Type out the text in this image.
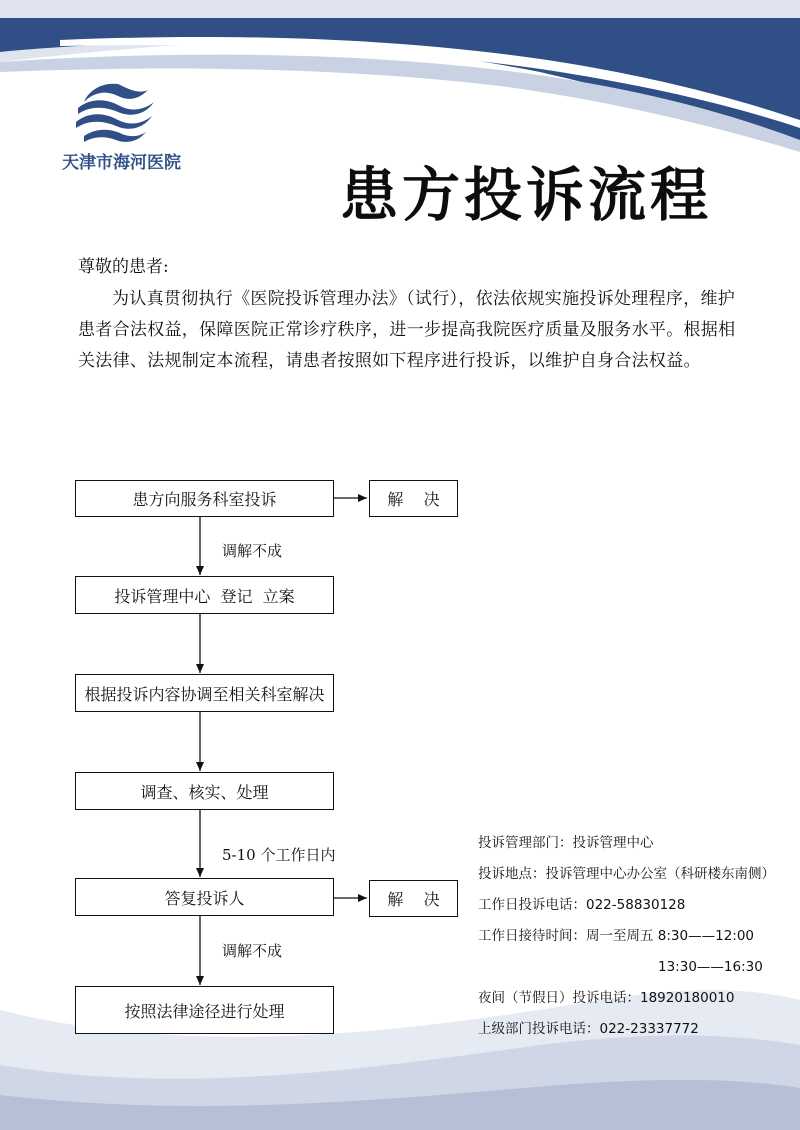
天津市海河医院	患方投诉流程
尊敬的患者:
为认真贯彻执行《医院投诉管理办法》（试行），依法依规实施投诉处理程序，维护患者合法权益，保障医院正常诊疗秩序，进一步提高我院医疗质量及服务水平。根据相关法律、法规制定本流程，请患者按照如下程序进行投诉，以维护自身合法权益。
患方向服务科室投诉	解    决
投诉管理中心  登记  立案
根据投诉内容协调至相关科室解决
调查、核实、处理
答复投诉人	解    决
按照法律途径进行处理
调解不成
5-10 个工作日内
调解不成
投诉管理部门：投诉管理中心
投诉地点：投诉管理中心办公室（科研楼东南侧）
工作日投诉电话：022-58830128
工作日接待时间：周一至周五 8:30——12:00
13:30——16:30
夜间（节假日）投诉电话：18920180010
上级部门投诉电话：022-23337772
